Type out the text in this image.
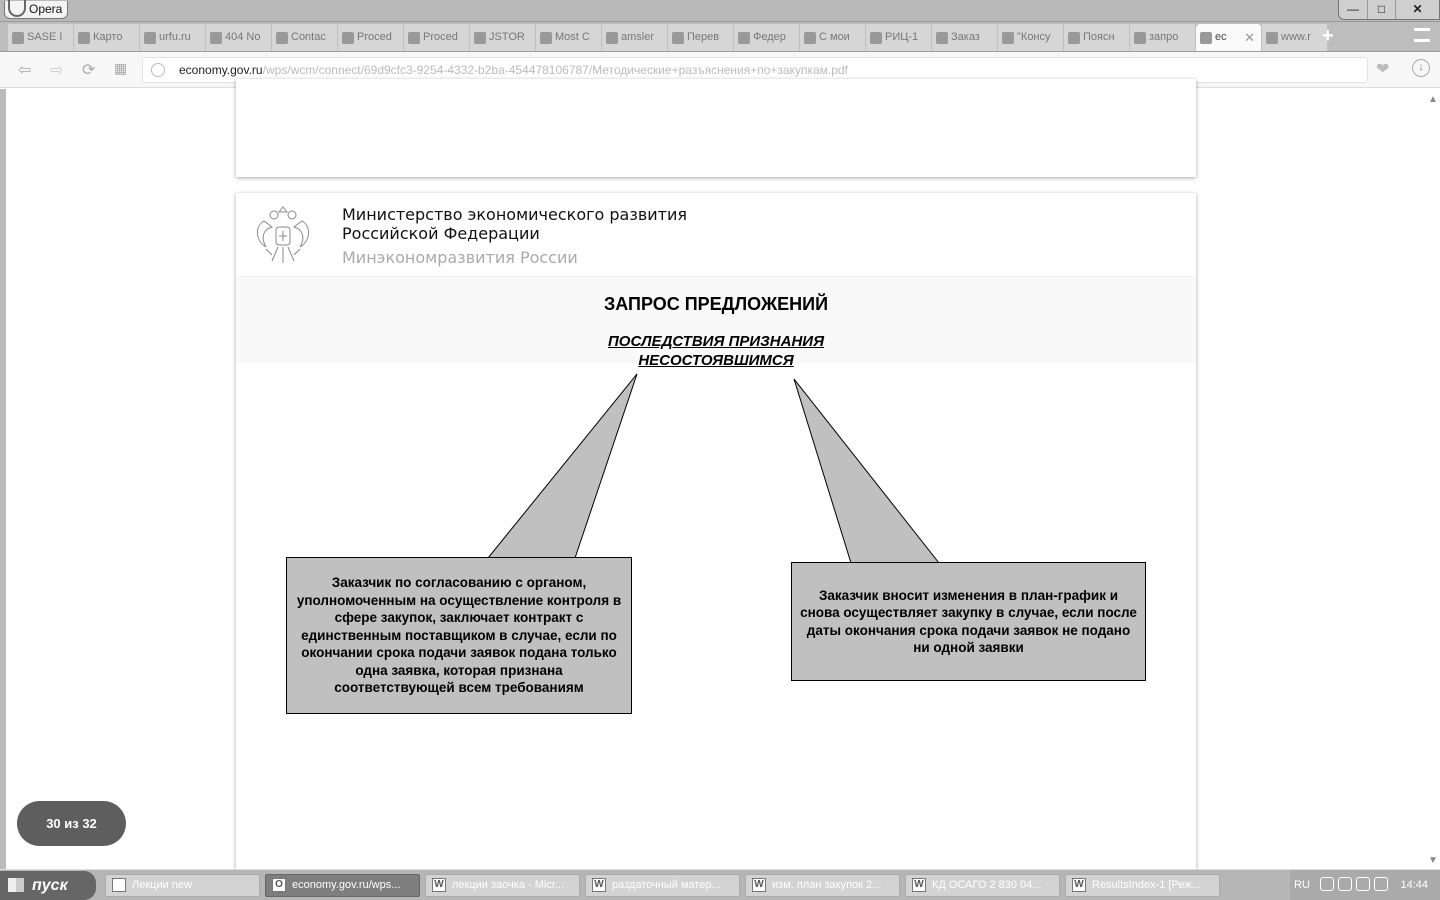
Opera	—	□	✕
SASE I	Карто	urfu.ru	404 No	Contac	Proced	Proced	JSTOR	Most C	amsler	Перев	Федер	С мои	РИЦ-1	Заказ	"Консу	Поясн	запро	ec ✕ www.r +
⇦ ⇨ ⟳ ▦	economy.gov.ru/wps/wcm/connect/69d9cfc3-9254-4332-b2ba-454478106787/Методические+разъяснения+по+закупкам.pdf	❤	↓
Министерство экономического развития
Российской Федерации
Минэкономразвития России
ЗАПРОС ПРЕДЛОЖЕНИЙ
ПОСЛЕДСТВИЯ ПРИЗНАНИЯ
НЕСОСТОЯВШИМСЯ
Заказчик по согласованию с органом, уполномоченным на осуществление контроля в сфере закупок, заключает контракт с единственным поставщиком в случае, если по окончании срока подачи заявок подана только одна заявка, которая признана соответствующей всем требованиям
Заказчик вносит изменения в план-график и снова осуществляет закупку в случае, если после даты окончания срока подачи заявок не подано ни одной заявки
▲
▼
30 из 32
пуск	Лекции new	O economy.gov.ru/wps...	W лекции заочка - Micr...	W раздаточный матер...	W изм. план закупок 2...	W КД ОСАГО 2 830 04...	W ResultsIndex-1 [Реж...	RU	14:44
